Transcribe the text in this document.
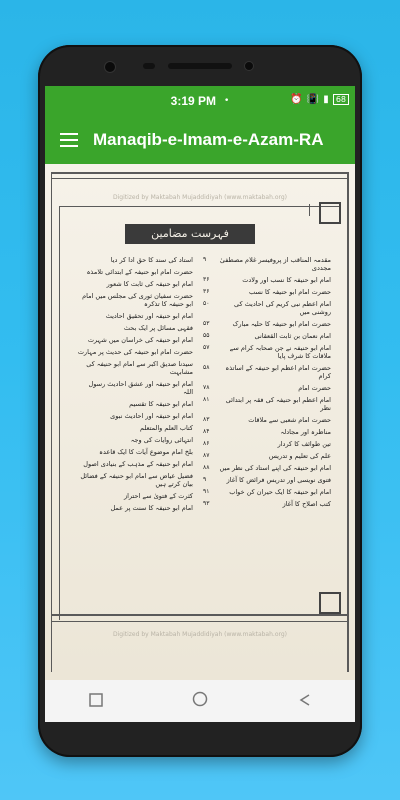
3:19 PM •	⏰ 📳 ▮ 68
Manaqib-e-Imam-e-Azam-RA
Digitized by Maktabah Mujaddidiyah (www.maktabah.org)
فہرست مضامین
مقدمہ المناقب از پروفیسر غلام مصطفیٰ مجددی
۹
امام ابو حنیفہ کا نسب اور ولادت
۳۶
حضرت امام ابو حنیفہ کا نسب
۳۶
امام اعظم نبی کریم کی احادیث کی روشنی میں
۵۰
حضرت امام ابو حنیفہ کا حلیہ مبارک
۵۳
امام نعمان بن ثابت القعقانی
۵۵
امام ابو حنیفہ نے جن صحابہ کرام سے ملاقات کا شرف پایا
۵۷
حضرت امام اعظم ابو حنیفہ کے اساتذہ کرام
۵۸
حضرت امام
۷۸
امام اعظم ابو حنیفہ کی فقہ پر ابتدائی نظر
۸۱
حضرت امام شعبی سے ملاقات
۸۳
مناظرہ اور مجادلہ
۸۴
تین طوائف کا کردار
۸۶
علم کی تعلیم و تدریس
۸۷
امام ابو حنیفہ کی اپنے استاد کی نظر میں
۸۸
فتوی نویسی اور تدریس فرائض کا آغاز
۹
امام ابو حنیفہ کا ایک حیران کن خواب
۹۱
کتب اصلاح کا آغاز
۹۳
استاد کی سند کا حق ادا کر دیا
حضرت امام ابو حنیفہ کے ابتدائی تلامذہ
امام ابو حنیفہ کی ثابت کا شعور
حضرت سفیان ثوری کی مجلس میں امام ابو حنیفہ کا تذکرہ
امام ابو حنیفہ اور تحقیق احادیث
فقہی مسائل پر ایک بحث
امام ابو حنیفہ کی خراسان میں شہرت
حضرت امام ابو حنیفہ کی حدیث پر مہارت
سیدنا صدیق اکبر سے امام ابو حنیفہ کی مشابہت
امام ابو حنیفہ اور عشق احادیث رسول اللہ
امام ابو حنیفہ کا تقسیم
امام ابو حنیفہ اور احادیث نبوی
کتاب العلم والمتعلم
انتہائی روایات کی وجہ
بلخ امام موضوع آیات کا ایک قاعدہ
امام ابو حنیفہ کے مذہب کے بنیادی اصول
فضیل عیاض سے امام ابو حنیفہ کے فضائل بیان کرتے ہیں
کثرت کے فتویٰ سے احتراز
امام ابو حنیفہ کا سنت پر عمل
Digitized by Maktabah Mujaddidiyah (www.maktabah.org)
